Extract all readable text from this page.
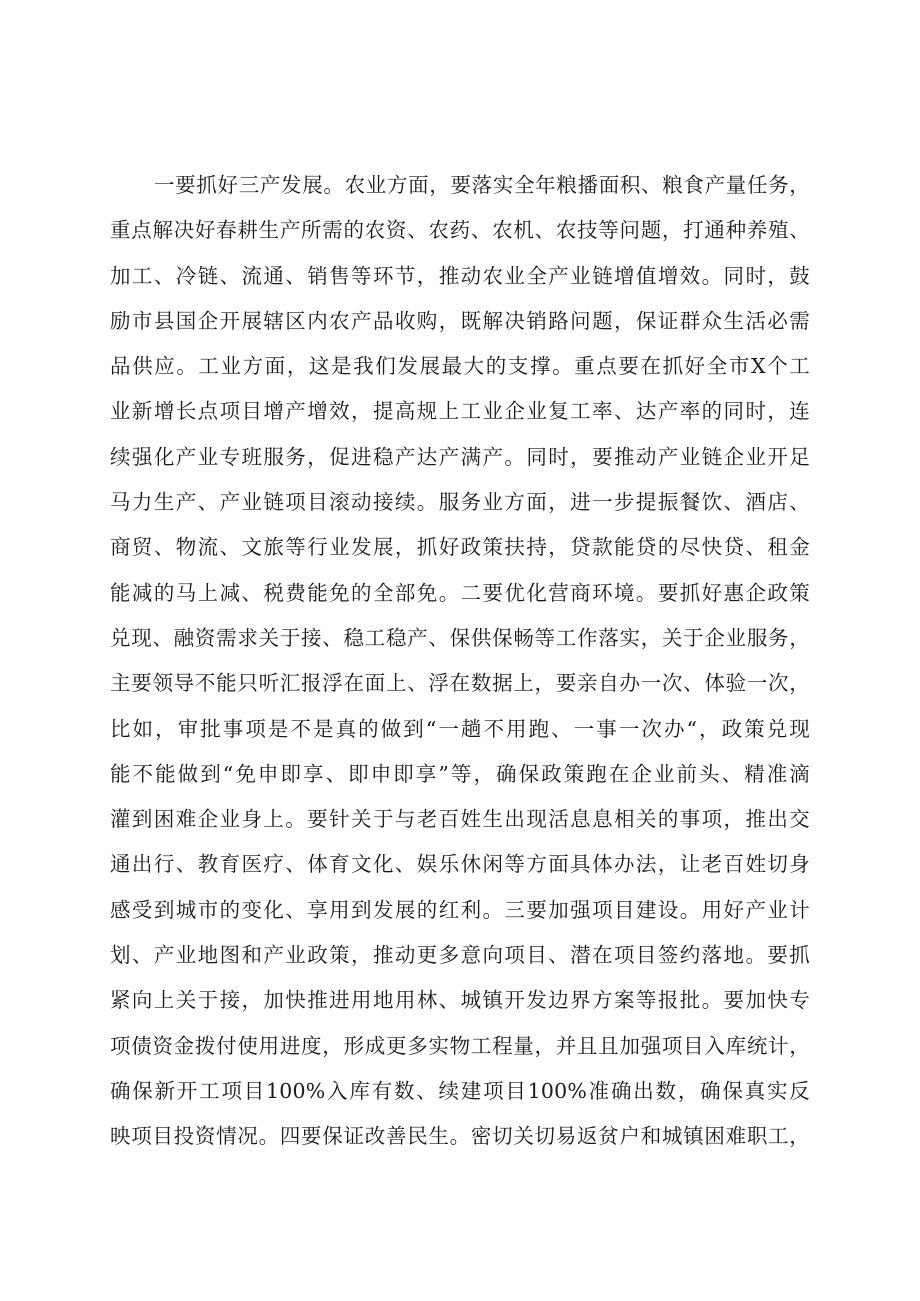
一要抓好三产发展。农业方面，要落实全年粮播面积、粮食产量任务，
重点解决好春耕生产所需的农资、农药、农机、农技等问题，打通种养殖、
加工、冷链、流通、销售等环节，推动农业全产业链增值增效。同时，鼓
励市县国企开展辖区内农产品收购，既解决销路问题，保证群众生活必需
品供应。工业方面，这是我们发展最大的支撑。重点要在抓好全市X个工
业新增长点项目增产增效，提高规上工业企业复工率、达产率的同时，连
续强化产业专班服务，促进稳产达产满产。同时，要推动产业链企业开足
马力生产、产业链项目滚动接续。服务业方面，进一步提振餐饮、酒店、
商贸、物流、文旅等行业发展，抓好政策扶持，贷款能贷的尽快贷、租金
能减的马上减、税费能免的全部免。二要优化营商环境。要抓好惠企政策
兑现、融资需求关于接、稳工稳产、保供保畅等工作落实，关于企业服务，
主要领导不能只听汇报浮在面上、浮在数据上，要亲自办一次、体验一次，
比如，审批事项是不是真的做到“一趟不用跑、一事一次办“，政策兑现
能不能做到“免申即享、即申即享”等，确保政策跑在企业前头、精准滴
灌到困难企业身上。要针关于与老百姓生出现活息息相关的事项，推出交
通出行、教育医疗、体育文化、娱乐休闲等方面具体办法，让老百姓切身
感受到城市的变化、享用到发展的红利。三要加强项目建设。用好产业计
划、产业地图和产业政策，推动更多意向项目、潜在项目签约落地。要抓
紧向上关于接，加快推进用地用林、城镇开发边界方案等报批。要加快专
项债资金拨付使用进度，形成更多实物工程量，并且且加强项目入库统计，
确保新开工项目100%入库有数、续建项目100%准确出数，确保真实反
映项目投资情况。四要保证改善民生。密切关切易返贫户和城镇困难职工，
